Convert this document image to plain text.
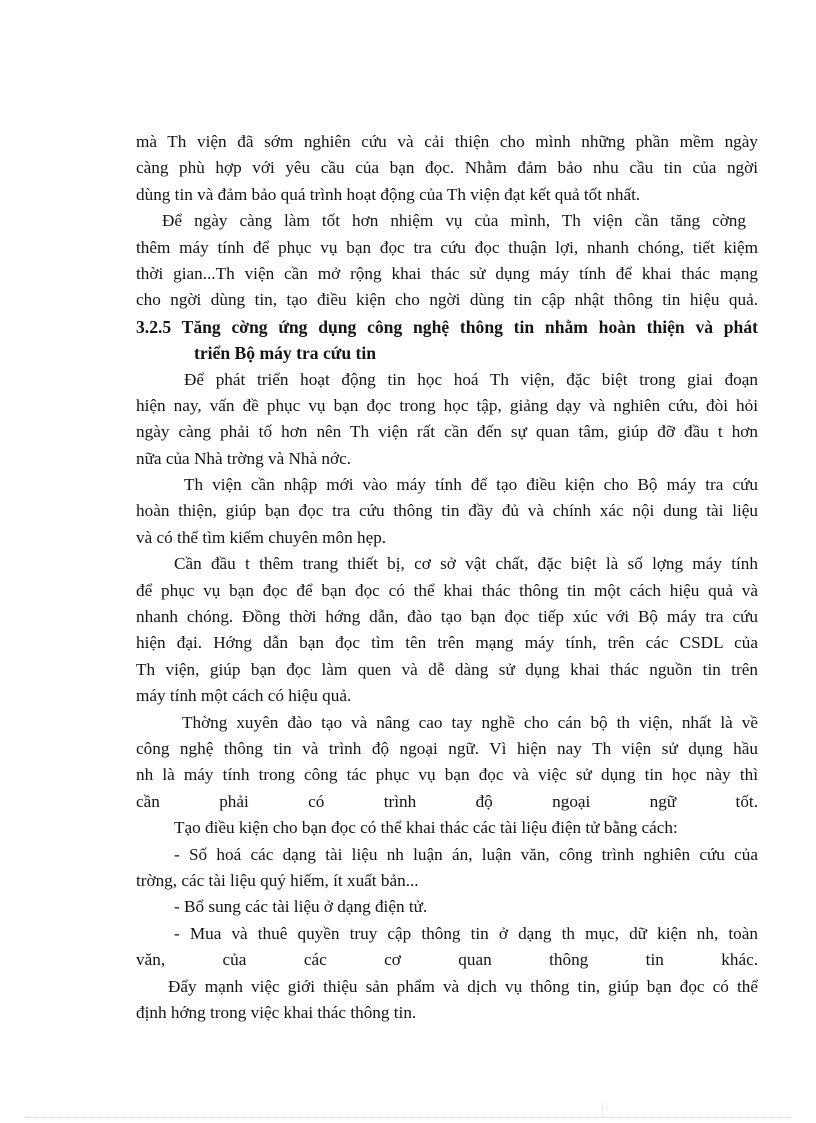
mà Th viện đã sớm nghiên cứu và cải thiện cho mình những phần mềm ngày
càng phù hợp với yêu cầu của bạn đọc. Nhằm đảm bảo nhu cầu tin của ngời
dùng tin và đảm bảo quá trình hoạt động của Th viện đạt kết quả tốt nhất.
Để ngày càng làm tốt hơn nhiệm vụ của mình, Th viện cần tăng cờng
thêm máy tính để phục vụ bạn đọc tra cứu đọc thuận lợi, nhanh chóng, tiết kiệm
thời gian...Th viện cần mở rộng khai thác sử dụng máy tính để khai thác mạng
cho ngời dùng tin, tạo điều kiện cho ngời dùng tin cập nhật thông tin hiệu quả.
3.2.5 Tăng cờng ứng dụng công nghệ thông tin nhằm hoàn thiện và phát
triển Bộ máy tra cứu tin
Để phát triển hoạt động tin học hoá Th viện, đặc biệt trong giai đoạn
hiện nay, vấn đề phục vụ bạn đọc trong học tập, giảng dạy và nghiên cứu, đòi hỏi
ngày càng phải tố hơn nên Th viện rất cần đến sự quan tâm, giúp đỡ đầu t hơn
nữa của Nhà trờng và Nhà nớc.
Th viện cần nhập mới vào máy tính để tạo điều kiện cho Bộ máy tra cứu
hoàn thiện, giúp bạn đọc tra cứu thông tin đầy đủ và chính xác nội dung tài liệu
và có thể tìm kiếm chuyên môn hẹp.
Cần đầu t thêm trang thiết bị, cơ sở vật chất, đặc biệt là số lợng máy tính
để phục vụ bạn đọc để bạn đọc có thể khai thác thông tin một cách hiệu quả và
nhanh chóng. Đồng thời hớng dẫn, đào tạo bạn đọc tiếp xúc với Bộ máy tra cứu
hiện đại. Hớng dẫn bạn đọc tìm tên trên mạng máy tính, trên các CSDL của
Th viện, giúp bạn đọc làm quen và dễ dàng sử dụng khai thác nguồn tin trên
máy tính một cách có hiệu quả.
Thờng xuyên đào tạo và nâng cao tay nghề cho cán bộ th viện, nhất là về
công nghệ thông tin và trình độ ngoại ngữ. Vì hiện nay Th viện sử dụng hầu
nh là máy tính trong công tác phục vụ bạn đọc và việc sử dụng tin học này thì
cần phải có trình độ ngoại ngữ tốt.
Tạo điều kiện cho bạn đọc có thể khai thác các tài liệu điện tử bằng cách:
- Số hoá các dạng tài liệu nh luận án, luận văn, công trình nghiên cứu của
trờng, các tài liệu quý hiếm, ít xuất bản...
- Bổ sung các tài liệu ở dạng điện tử.
- Mua và thuê quyền truy cập thông tin ở dạng th mục, dữ kiện nh, toàn
văn, của các cơ quan thông tin khác.
Đẩy mạnh việc giới thiệu sản phẩm và dịch vụ thông tin, giúp bạn đọc có thể
định hớng trong việc khai thác thông tin.
